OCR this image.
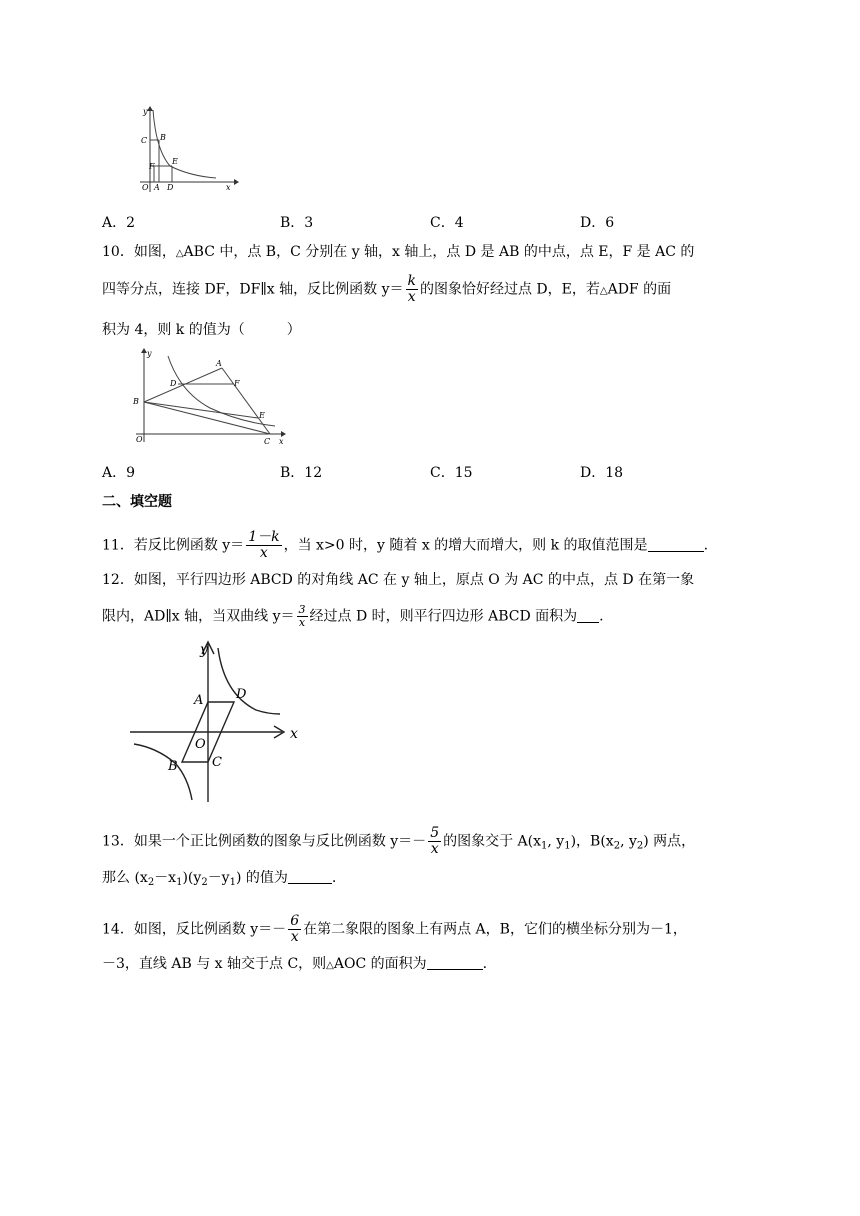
y
C B
F
E
O A D	x
A．2	B．3	C．4	D．6
10．如图，△ABC 中，点 B，C 分别在 y 轴，x 轴上，点 D 是 AB 的中点，点 E，F 是 AC 的
四等分点，连接 DF，DF∥x 轴，反比例函数 $y= \frac{k}{x}$ 的图象恰好经过点 D，E，若△ADF 的面
积为 4，则 k 的值为（　　　）
y
A
D	F
B
E
O	C x
A．9	B．12	C．15	D．18
二、填空题
11．若反比例函数 $y= \frac{1-k}{x}$ ，当 x>0 时，y 随着 x 的增大而增大，则 k 的取值范围是	.
12．如图，平行四边形 ABCD 的对角线 AC 在 y 轴上，原点 O 为 AC 的中点，点 D 在第一象
限内，AD∥x 轴，当双曲线 $y= \frac{3}{x}$ 经过点 D 时，则平行四边形 ABCD 面积为 .
y
A	D
O
x
B	C
13．如果一个正比例函数的图象与反比例函数 $y=- \frac{5}{x}$ 的图象交于 $A(x_1$, $y_1$)，$B(x_2$, $y_2$) 两点，
那么 $(x_2-x_1)(y_2-y_1)$ 的值为	.
14．如图，反比例函数 $y=- \frac{6}{x}$ 在第二象限的图象上有两点 A，B，它们的横坐标分别为－1，
－3，直线 AB 与 x 轴交于点 C，则△AOC 的面积为	.
